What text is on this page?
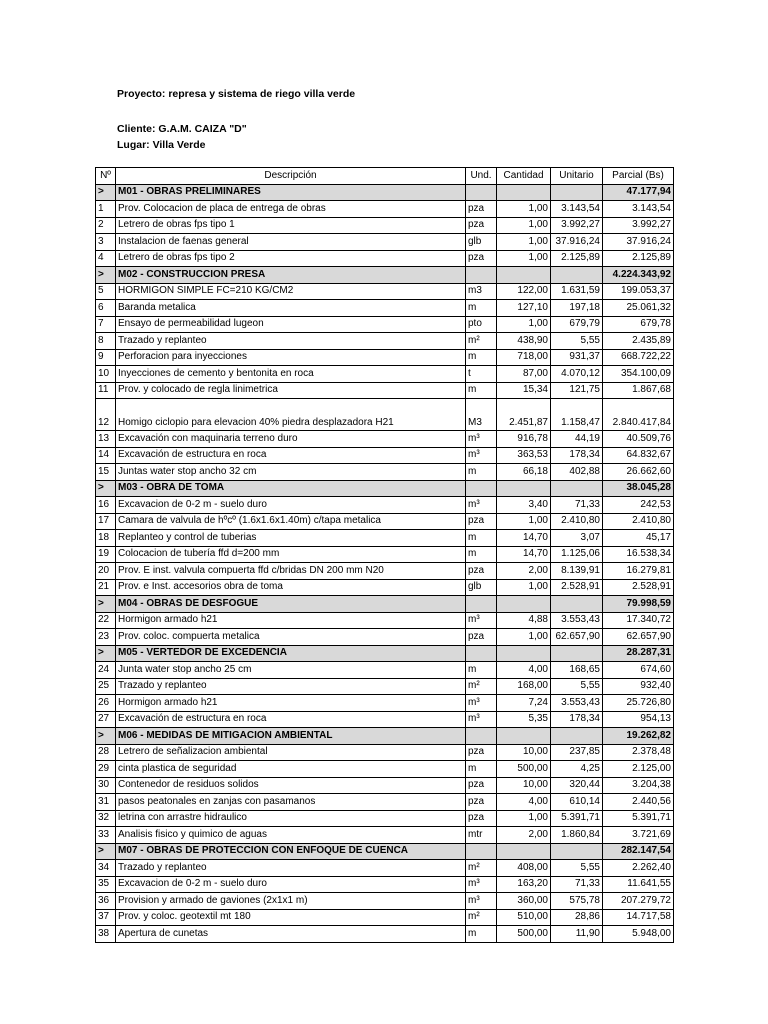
Proyecto: represa y sistema de riego villa verde
Cliente: G.A.M. CAIZA "D"
Lugar: Villa Verde
Nº	Descripción	Und.	Cantidad	Unitario	Parcial (Bs)
>	M01 - OBRAS PRELIMINARES				47.177,94
1	Prov. Colocacion de placa de entrega de obras	pza	1,00	3.143,54	3.143,54
2	Letrero de obras fps tipo 1	pza	1,00	3.992,27	3.992,27
3	Instalacion de faenas general	glb	1,00	37.916,24	37.916,24
4	Letrero de obras fps tipo 2	pza	1,00	2.125,89	2.125,89
>	M02 - CONSTRUCCION PRESA				4.224.343,92
5	HORMIGON SIMPLE FC=210 KG/CM2	m3	122,00	1.631,59	199.053,37
6	Baranda metalica	m	127,10	197,18	25.061,32
7	Ensayo de permeabilidad lugeon	pto	1,00	679,79	679,78
8	Trazado y replanteo	m²	438,90	5,55	2.435,89
9	Perforacion para inyecciones	m	718,00	931,37	668.722,22
10	Inyecciones de cemento y bentonita en roca	t	87,00	4.070,12	354.100,09
11	Prov. y colocado de regla linimetrica	m	15,34	121,75	1.867,68
12	Homigo ciclopio para elevacion 40% piedra desplazadora H21	M3	2.451,87	1.158,47	2.840.417,84
13	Excavación con maquinaria terreno duro	m³	916,78	44,19	40.509,76
14	Excavación de estructura en roca	m³	363,53	178,34	64.832,67
15	Juntas water stop ancho 32 cm	m	66,18	402,88	26.662,60
>	M03 - OBRA DE TOMA				38.045,28
16	Excavacion de 0-2 m - suelo duro	m³	3,40	71,33	242,53
17	Camara de valvula de hºcº (1.6x1.6x1.40m) c/tapa metalica	pza	1,00	2.410,80	2.410,80
18	Replanteo y control de tuberias	m	14,70	3,07	45,17
19	Colocacion de tubería ffd d=200 mm	m	14,70	1.125,06	16.538,34
20	Prov. E inst. valvula compuerta ffd c/bridas DN 200 mm N20	pza	2,00	8.139,91	16.279,81
21	Prov. e Inst. accesorios obra de toma	glb	1,00	2.528,91	2.528,91
>	M04 - OBRAS DE DESFOGUE				79.998,59
22	Hormigon armado h21	m³	4,88	3.553,43	17.340,72
23	Prov. coloc. compuerta metalica	pza	1,00	62.657,90	62.657,90
>	M05 - VERTEDOR DE EXCEDENCIA				28.287,31
24	Junta water stop ancho 25 cm	m	4,00	168,65	674,60
25	Trazado y replanteo	m²	168,00	5,55	932,40
26	Hormigon armado h21	m³	7,24	3.553,43	25.726,80
27	Excavación de estructura en roca	m³	5,35	178,34	954,13
>	M06 - MEDIDAS DE MITIGACION AMBIENTAL				19.262,82
28	Letrero de señalizacion ambiental	pza	10,00	237,85	2.378,48
29	cinta plastica de seguridad	m	500,00	4,25	2.125,00
30	Contenedor de residuos solidos	pza	10,00	320,44	3.204,38
31	pasos peatonales en zanjas con pasamanos	pza	4,00	610,14	2.440,56
32	letrina con arrastre hidraulico	pza	1,00	5.391,71	5.391,71
33	Analisis fisico y quimico de aguas	mtr	2,00	1.860,84	3.721,69
>	M07 - OBRAS DE PROTECCION CON ENFOQUE DE CUENCA				282.147,54
34	Trazado y replanteo	m²	408,00	5,55	2.262,40
35	Excavacion de 0-2 m - suelo duro	m³	163,20	71,33	11.641,55
36	Provision y armado de gaviones (2x1x1 m)	m³	360,00	575,78	207.279,72
37	Prov. y coloc. geotextil mt 180	m²	510,00	28,86	14.717,58
38	Apertura de cunetas	m	500,00	11,90	5.948,00
